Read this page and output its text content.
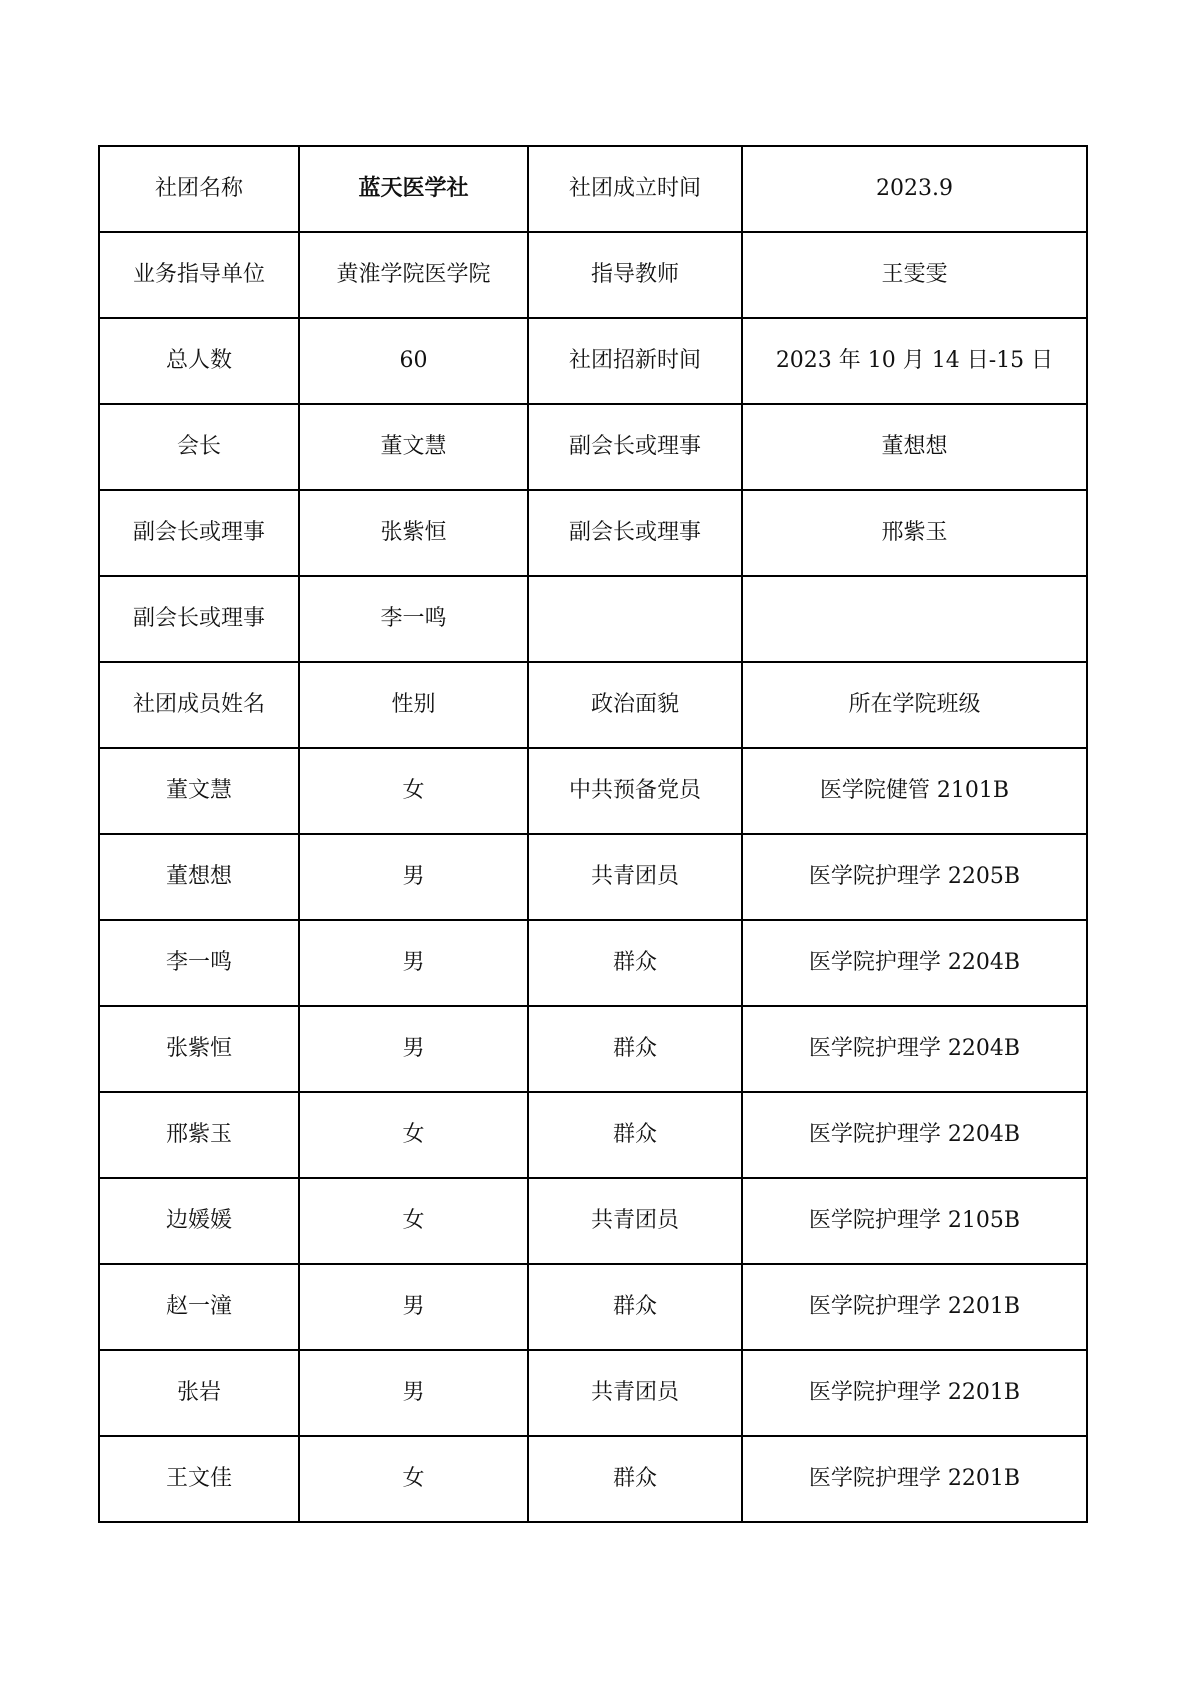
社团名称	蓝天医学社	社团成立时间	2023.9
业务指导单位	黄淮学院医学院	指导教师	王雯雯
总人数	60	社团招新时间	2023 年 10 月 14 日-15 日
会长	董文慧	副会长或理事	董想想
副会长或理事	张紫恒	副会长或理事	邢紫玉
副会长或理事	李一鸣		
社团成员姓名	性别	政治面貌	所在学院班级
董文慧	女	中共预备党员	医学院健管 2101B
董想想	男	共青团员	医学院护理学 2205B
李一鸣	男	群众	医学院护理学 2204B
张紫恒	男	群众	医学院护理学 2204B
邢紫玉	女	群众	医学院护理学 2204B
边媛媛	女	共青团员	医学院护理学 2105B
赵一潼	男	群众	医学院护理学 2201B
张岩	男	共青团员	医学院护理学 2201B
王文佳	女	群众	医学院护理学 2201B
